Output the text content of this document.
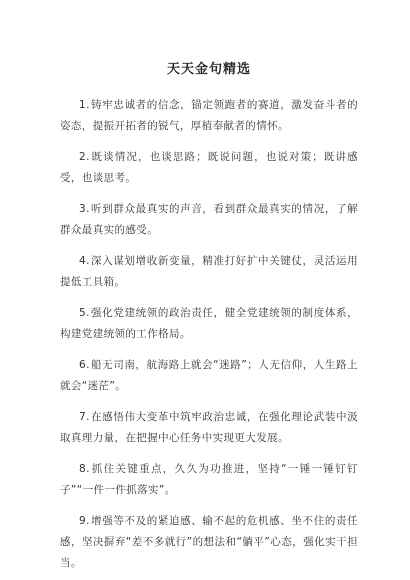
天天金句精选
1.铸牢忠诚者的信念，锚定领跑者的赛道，激发奋斗者的姿态，提振开拓者的锐气，厚植奉献者的情怀。
2.既谈情况，也谈思路；既说问题，也说对策；既讲感受，也谈思考。
3.听到群众最真实的声音，看到群众最真实的情况，了解群众最真实的感受。
4.深入谋划增收新变量，精准打好扩中关键仗，灵活运用提低工具箱。
5.强化党建统领的政治责任，健全党建统领的制度体系，构建党建统领的工作格局。
6.船无司南，航海路上就会“迷路”；人无信仰，人生路上就会“迷茫”。
7.在感悟伟大变革中筑牢政治忠诚，在强化理论武装中汲取真理力量，在把握中心任务中实现更大发展。
8.抓住关键重点，久久为功推进，坚持“一锤一锤钉钉子”“一件一件抓落实”。
9.增强等不及的紧迫感、输不起的危机感、坐不住的责任感，坚决摒弃“差不多就行”的想法和“躺平”心态，强化实干担当。
